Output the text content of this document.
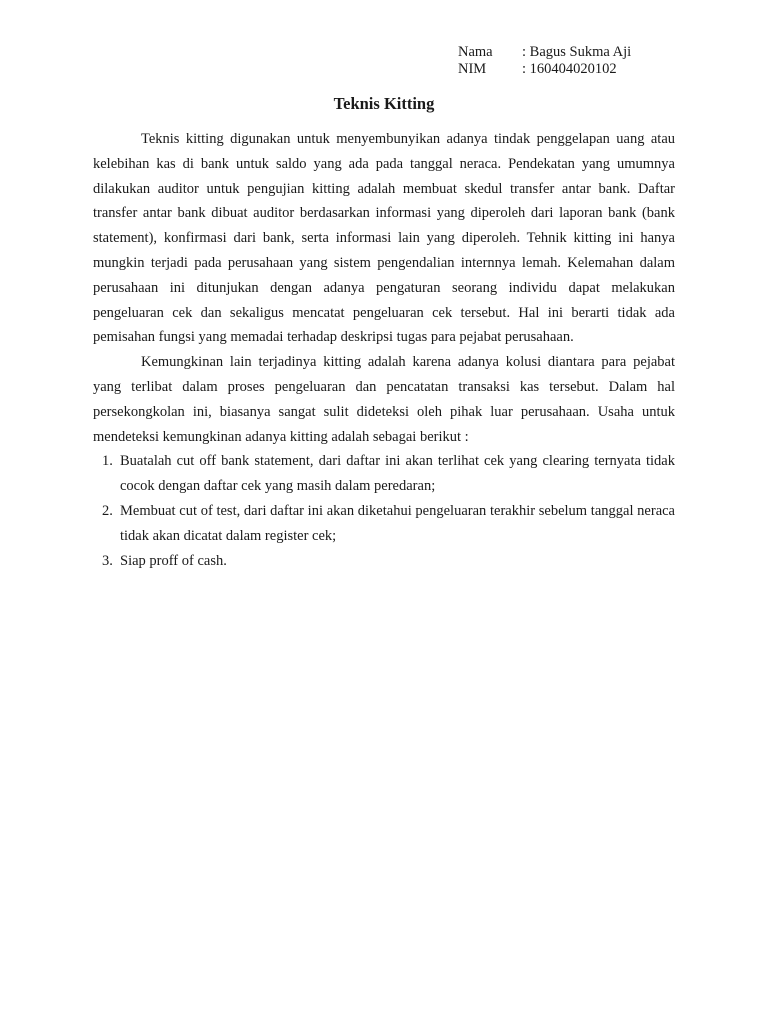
Nama	: Bagus Sukma Aji
NIM	: 160404020102
Teknis Kitting

Teknis kitting digunakan untuk menyembunyikan adanya tindak penggelapan uang atau kelebihan kas di bank untuk saldo yang ada pada tanggal neraca. Pendekatan yang umumnya dilakukan auditor untuk pengujian kitting adalah membuat skedul transfer antar bank. Daftar transfer antar bank dibuat auditor berdasarkan informasi yang diperoleh dari laporan bank (bank statement), konfirmasi dari bank, serta informasi lain yang diperoleh. Tehnik kitting ini hanya mungkin terjadi pada perusahaan yang sistem pengendalian internnya lemah. Kelemahan dalam perusahaan ini ditunjukan dengan adanya pengaturan seorang individu dapat melakukan pengeluaran cek dan sekaligus mencatat pengeluaran cek tersebut. Hal ini berarti tidak ada pemisahan fungsi yang memadai terhadap deskripsi tugas para pejabat perusahaan.

Kemungkinan lain terjadinya kitting adalah karena adanya kolusi diantara para pejabat yang terlibat dalam proses pengeluaran dan pencatatan transaksi kas tersebut. Dalam hal persekongkolan ini, biasanya sangat sulit dideteksi oleh pihak luar perusahaan. Usaha untuk mendeteksi kemungkinan adanya kitting adalah sebagai berikut :

1. Buatalah cut off bank statement, dari daftar ini akan terlihat cek yang clearing ternyata tidak cocok dengan daftar cek yang masih dalam peredaran;
2. Membuat cut of test, dari daftar ini akan diketahui pengeluaran terakhir sebelum tanggal neraca tidak akan dicatat dalam register cek;
3. Siap proff of cash.
